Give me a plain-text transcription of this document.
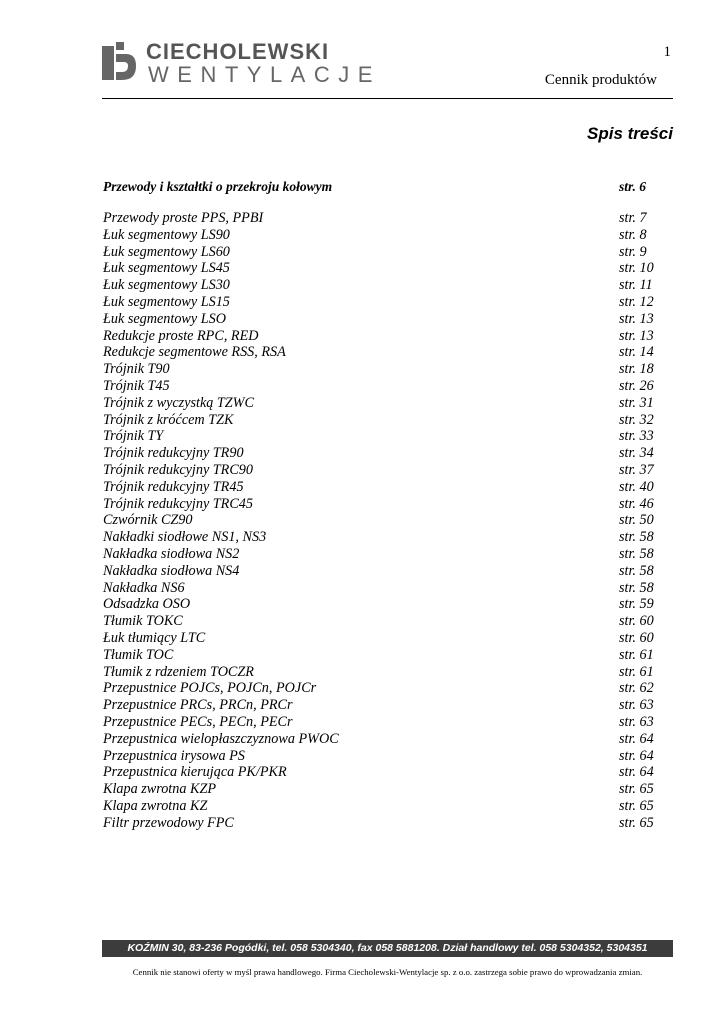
CIECHOLEWSKI
WENTYLACJE
1
Cennik produktów
Spis treści
Przewody i kształtki o przekroju kołowym	str. 6
Przewody proste PPS, PPBI	str. 7
Łuk segmentowy LS90	str. 8
Łuk segmentowy LS60	str. 9
Łuk segmentowy LS45	str. 10
Łuk segmentowy LS30	str. 11
Łuk segmentowy LS15	str. 12
Łuk segmentowy LSO	str. 13
Redukcje proste RPC, RED	str. 13
Redukcje segmentowe RSS, RSA	str. 14
Trójnik T90	str. 18
Trójnik T45	str. 26
Trójnik z wyczystką TZWC	str. 31
Trójnik z króćcem TZK	str. 32
Trójnik TY	str. 33
Trójnik redukcyjny TR90	str. 34
Trójnik redukcyjny TRC90	str. 37
Trójnik redukcyjny TR45	str. 40
Trójnik redukcyjny TRC45	str. 46
Czwórnik CZ90	str. 50
Nakładki siodłowe NS1, NS3	str. 58
Nakładka siodłowa NS2	str. 58
Nakładka siodłowa NS4	str. 58
Nakładka NS6	str. 58
Odsadzka OSO	str. 59
Tłumik TOKC	str. 60
Łuk tłumiący LTC	str. 60
Tłumik TOC	str. 61
Tłumik z rdzeniem TOCZR	str. 61
Przepustnice POJCs, POJCn, POJCr	str. 62
Przepustnice PRCs, PRCn, PRCr	str. 63
Przepustnice PECs, PECn, PECr	str. 63
Przepustnica wielopłaszczyznowa PWOC	str. 64
Przepustnica irysowa PS	str. 64
Przepustnica kierująca PK/PKR	str. 64
Klapa zwrotna KZP	str. 65
Klapa zwrotna KZ	str. 65
Filtr przewodowy FPC	str. 65
KOŹMIN 30, 83-236 Pogódki, tel. 058 5304340, fax 058 5881208. Dział handlowy tel. 058 5304352, 5304351
Cennik nie stanowi oferty w myśl prawa handlowego. Firma Ciecholewski-Wentylacje sp. z o.o. zastrzega sobie prawo do wprowadzania zmian.
